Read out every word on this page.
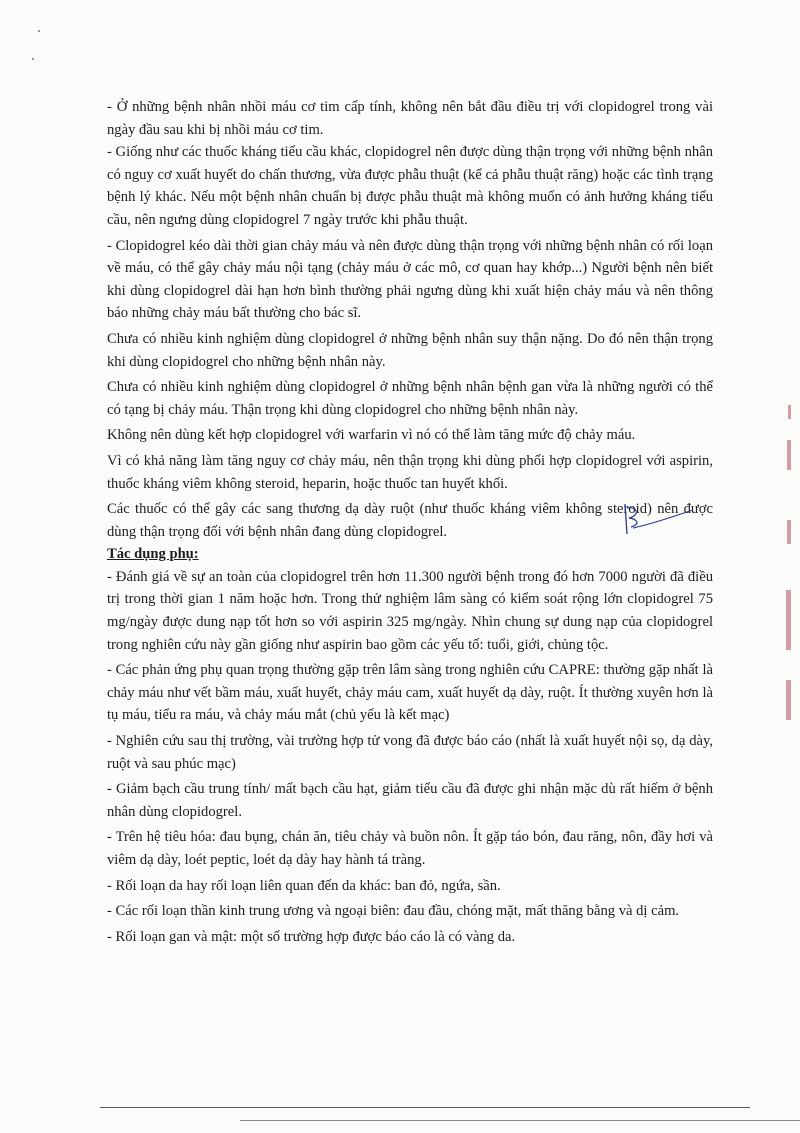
- Ở những bệnh nhân nhồi máu cơ tim cấp tính, không nên bắt đầu điều trị với clopidogrel trong vài ngày đầu sau khi bị nhồi máu cơ tim.

- Giống như các thuốc kháng tiểu cầu khác, clopidogrel nên được dùng thận trọng với những bệnh nhân có nguy cơ xuất huyết do chấn thương, vừa được phẫu thuật (kể cả phẫu thuật răng) hoặc các tình trạng bệnh lý khác. Nếu một bệnh nhân chuẩn bị được phẫu thuật mà không muốn có ảnh hưởng kháng tiểu cầu, nên ngưng dùng clopidogrel 7 ngày trước khi phẫu thuật.

- Clopidogrel kéo dài thời gian chảy máu và nên được dùng thận trọng với những bệnh nhân có rối loạn về máu, có thể gây chảy máu nội tạng (chảy máu ở các mô, cơ quan hay khớp...) Người bệnh nên biết khi dùng clopidogrel dài hạn hơn bình thường phải ngưng dùng khi xuất hiện chảy máu và nên thông báo những chảy máu bất thường cho bác sĩ.

Chưa có nhiều kinh nghiệm dùng clopidogrel ở những bệnh nhân suy thận nặng. Do đó nên thận trọng khi dùng clopidogrel cho những bệnh nhân này.

Chưa có nhiều kinh nghiệm dùng clopidogrel ở những bệnh nhân bệnh gan vừa là những người có thể có tạng bị chảy máu. Thận trọng khi dùng clopidogrel cho những bệnh nhân này.

Không nên dùng kết hợp clopidogrel với warfarin vì nó có thể làm tăng mức độ chảy máu.

Vì có khả năng làm tăng nguy cơ chảy máu, nên thận trọng khi dùng phối hợp clopidogrel với aspirin, thuốc kháng viêm không steroid, heparin, hoặc thuốc tan huyết khối.

Các thuốc có thể gây các sang thương dạ dày ruột (như thuốc kháng viêm không steroid) nên được dùng thận trọng đối với bệnh nhân đang dùng clopidogrel.

Tác dụng phụ:

- Đánh giá về sự an toàn của clopidogrel trên hơn 11.300 người bệnh trong đó hơn 7000 người đã điều trị trong thời gian 1 năm hoặc hơn. Trong thử nghiệm lâm sàng có kiểm soát rộng lớn clopidogrel 75 mg/ngày được dung nạp tốt hơn so với aspirin 325 mg/ngày. Nhìn chung sự dung nạp của clopidogrel trong nghiên cứu này gần giống như aspirin bao gồm các yếu tố: tuổi, giới, chủng tộc.

- Các phản ứng phụ quan trọng thường gặp trên lâm sàng trong nghiên cứu CAPRE: thường gặp nhất là chảy máu như vết bầm máu, xuất huyết, chảy máu cam, xuất huyết dạ dày, ruột. Ít thường xuyên hơn là tụ máu, tiểu ra máu, và chảy máu mắt (chủ yếu là kết mạc)

- Nghiên cứu sau thị trường, vài trường hợp tử vong đã được báo cáo (nhất là xuất huyết nội sọ, dạ dày, ruột và sau phúc mạc)

- Giảm bạch cầu trung tính/ mất bạch cầu hạt, giảm tiểu cầu đã được ghi nhận mặc dù rất hiếm ở bệnh nhân dùng clopidogrel.

- Trên hệ tiêu hóa: đau bụng, chán ăn, tiêu chảy và buồn nôn. Ít gặp táo bón, đau răng, nôn, đầy hơi và viêm dạ dày, loét peptic, loét dạ dày hay hành tá tràng.

- Rối loạn da hay rối loạn liên quan đến da khác: ban đỏ, ngứa, sần.

- Các rối loạn thần kinh trung ương và ngoại biên: đau đầu, chóng mặt, mất thăng bằng và dị cảm.

- Rối loạn gan và mật: một số trường hợp được báo cáo là có vàng da.
